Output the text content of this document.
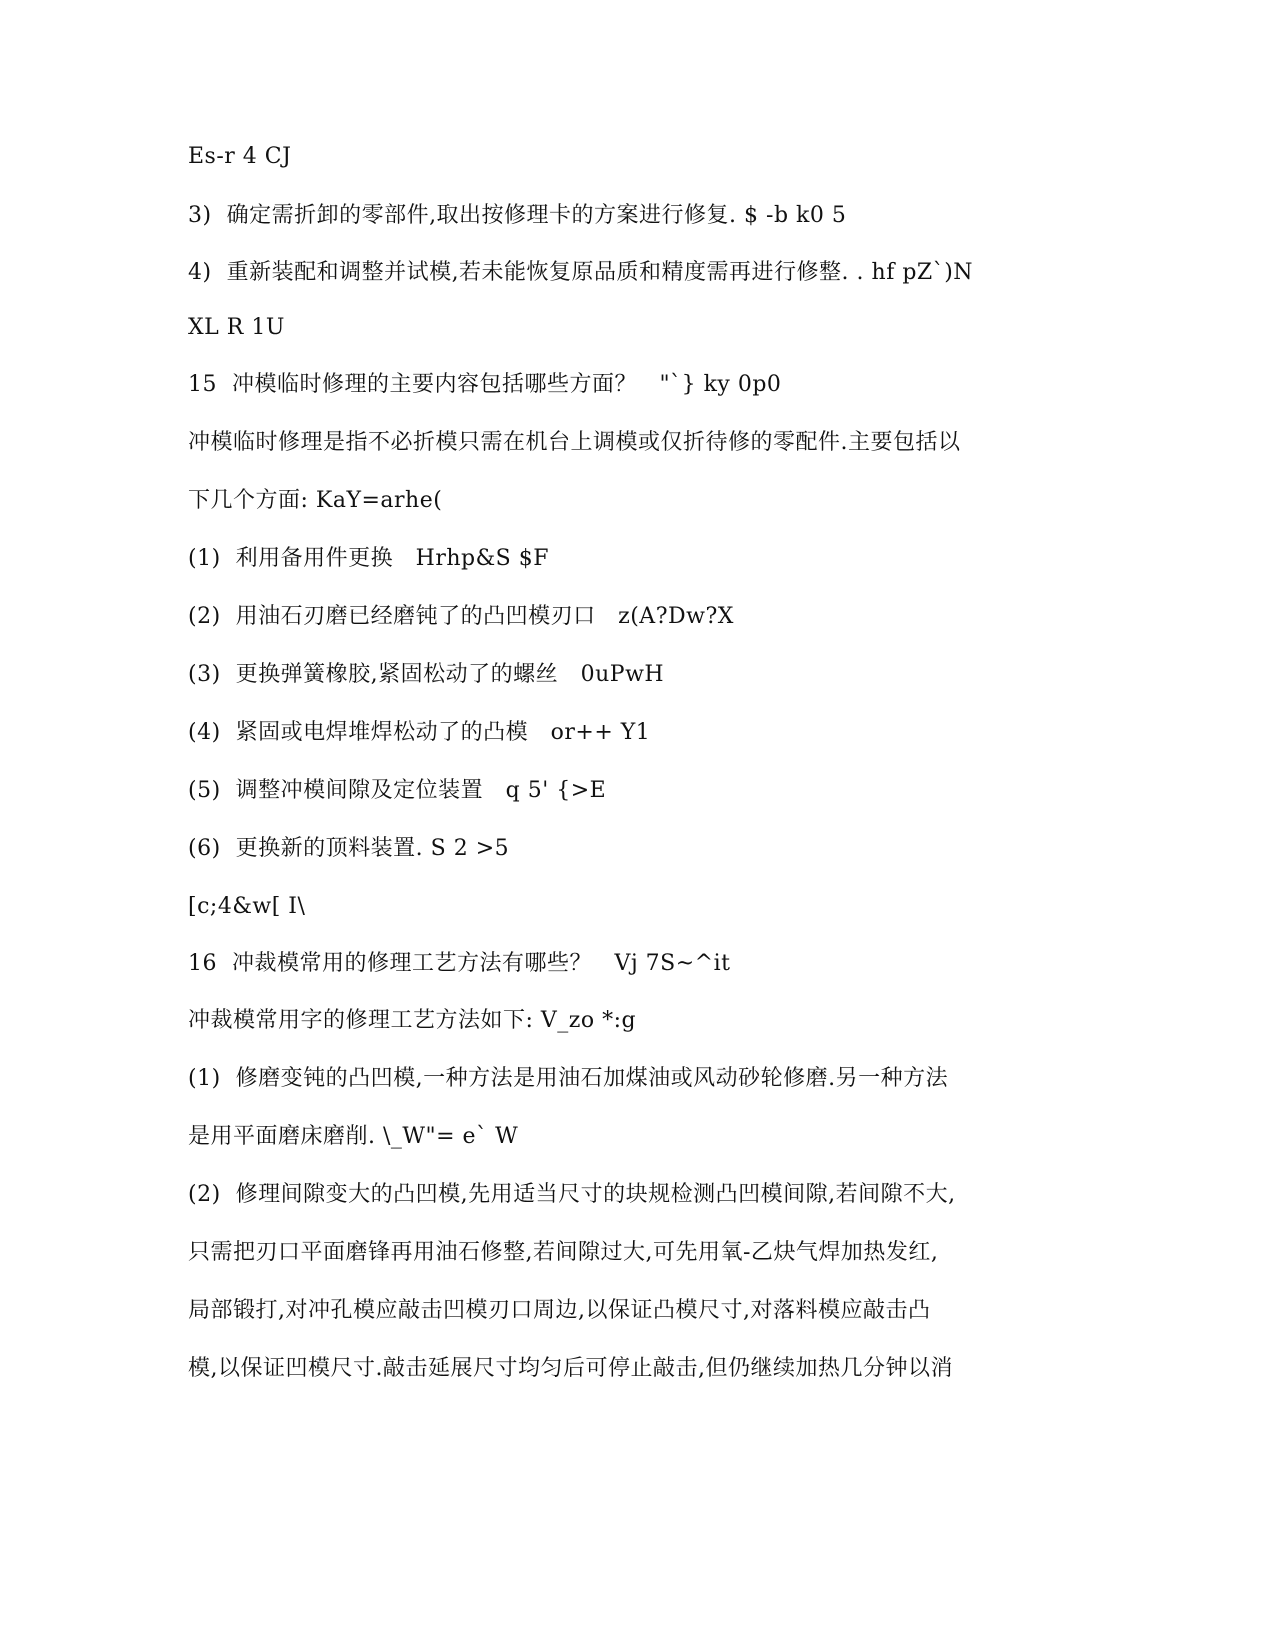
Es-r 4 CJ
3)  确定需折卸的零部件,取出按修理卡的方案进行修复. $ -b k0 5
4)  重新装配和调整并试模,若未能恢复原品质和精度需再进行修整. . hf pZ`)N
XL R 1U
15  冲模临时修理的主要内容包括哪些方面？   "`} ky 0p0
冲模临时修理是指不必折模只需在机台上调模或仅折待修的零配件.主要包括以
下几个方面: KaY=arhe(
(1)  利用备用件更换   Hrhp&S $F
(2)  用油石刃磨已经磨钝了的凸凹模刃口   z(A?Dw?X
(3)  更换弹簧橡胶,紧固松动了的螺丝   0uPwH
(4)  紧固或电焊堆焊松动了的凸模   or++ Y1
(5)  调整冲模间隙及定位装置   q 5' {>E
(6)  更换新的顶料装置. S 2 >5
[c;4&w[ I\
16  冲裁模常用的修理工艺方法有哪些？   Vj 7S~^it
冲裁模常用字的修理工艺方法如下: V_zo *:g
(1)  修磨变钝的凸凹模,一种方法是用油石加煤油或风动砂轮修磨.另一种方法
是用平面磨床磨削. \_W"= e` W
(2)  修理间隙变大的凸凹模,先用适当尺寸的块规检测凸凹模间隙,若间隙不大,
只需把刃口平面磨锋再用油石修整,若间隙过大,可先用氧-乙炔气焊加热发红,
局部锻打,对冲孔模应敲击凹模刃口周边,以保证凸模尺寸,对落料模应敲击凸
模,以保证凹模尺寸.敲击延展尺寸均匀后可停止敲击,但仍继续加热几分钟以消
